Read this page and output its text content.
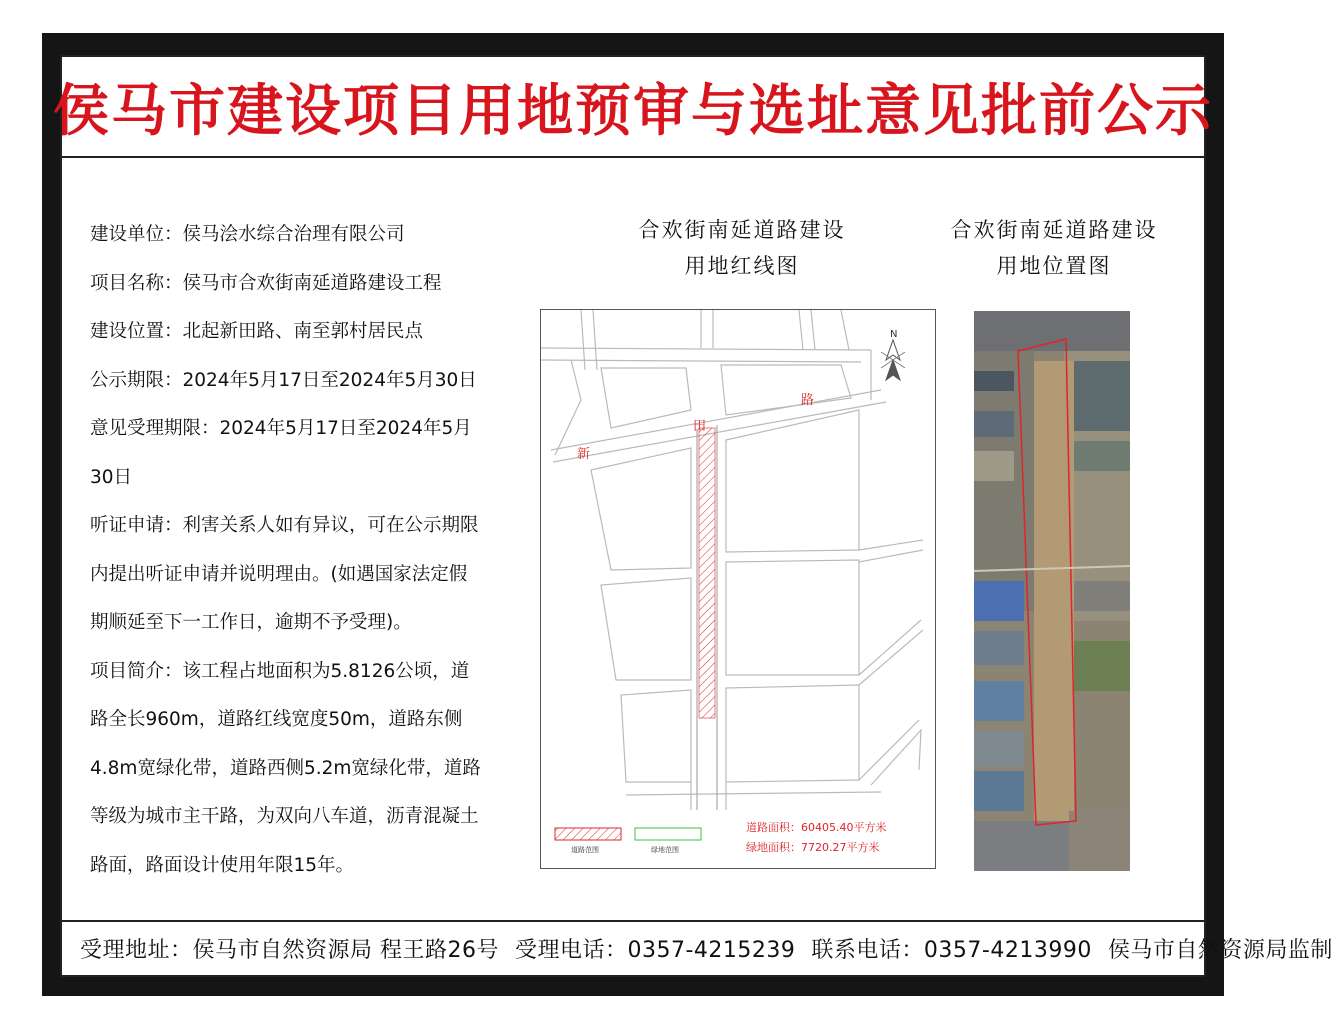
侯马市建设项目用地预审与选址意见批前公示

建设单位：侯马浍水综合治理有限公司

项目名称：侯马市合欢街南延道路建设工程

建设位置：北起新田路、南至郭村居民点

公示期限：2024年5月17日至2024年5月30日

意见受理期限：2024年5月17日至2024年5月

30日

听证申请：利害关系人如有异议，可在公示期限

内提出听证申请并说明理由。(如遇国家法定假

期顺延至下一工作日，逾期不予受理)。

项目简介：该工程占地面积为5.8126公顷，道

路全长960m，道路红线宽度50m，道路东侧

4.8m宽绿化带，道路西侧5.2m宽绿化带，道路

等级为城市主干路，为双向八车道，沥青混凝土

路面，路面设计使用年限15年。

合欢街南延道路建设
用地红线图
合欢街南延道路建设
用地位置图
新
田
路
N
道路范围	绿地范围
道路面积：60405.40平方米
绿地面积：7720.27平方米
受理地址：侯马市自然资源局 程王路26号 受理电话：0357-4215239 联系电话：0357-4213990 侯马市自然资源局监制
